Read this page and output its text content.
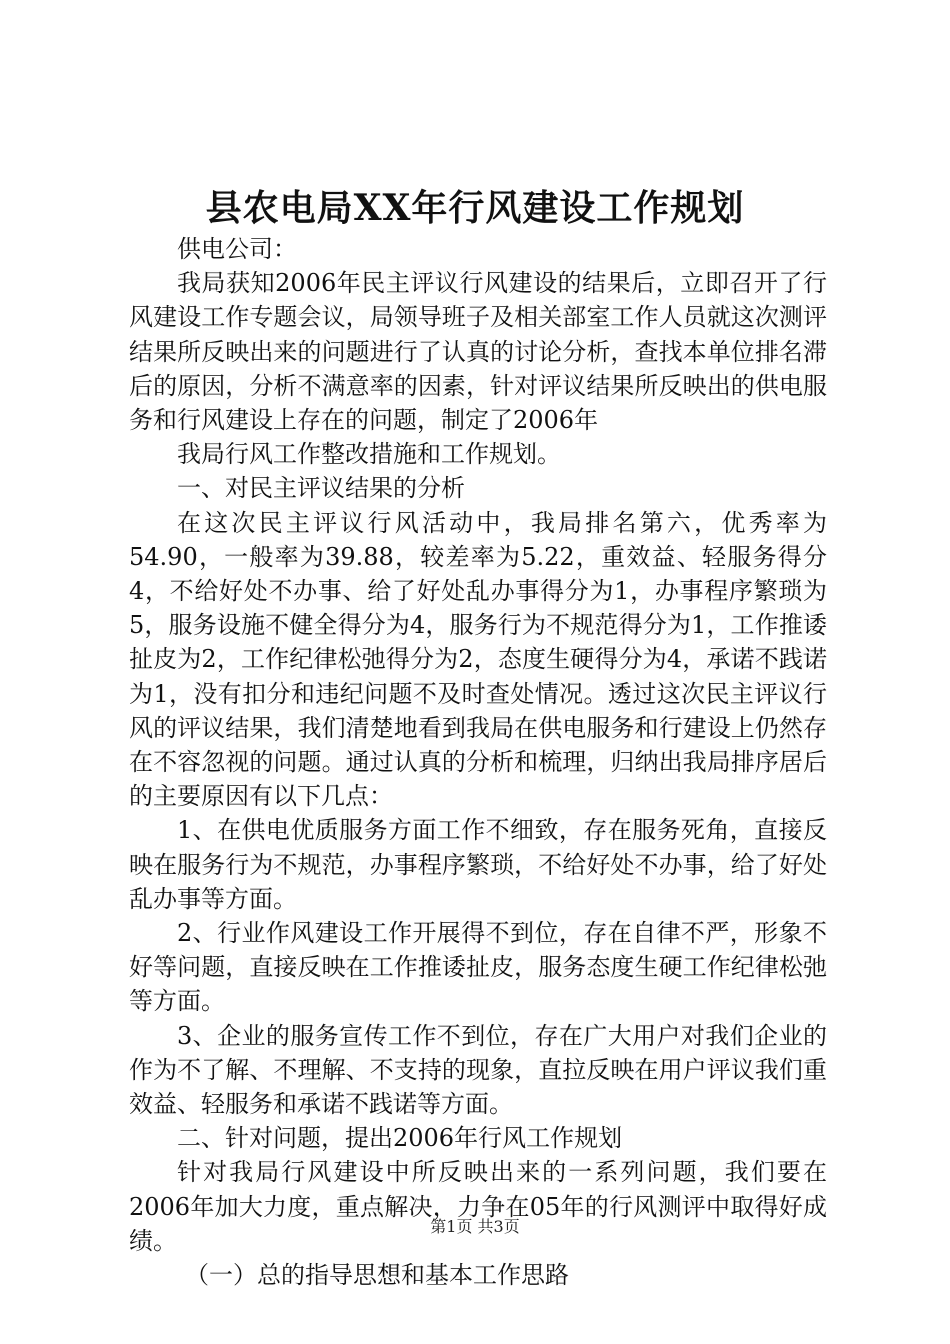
县农电局XX年行风建设工作规划

供电公司：

我局获知2006年民主评议行风建设的结果后，立即召开了行风建设工作专题会议，局领导班子及相关部室工作人员就这次测评结果所反映出来的问题进行了认真的讨论分析，查找本单位排名滞后的原因，分析不满意率的因素，针对评议结果所反映出的供电服务和行风建设上存在的问题，制定了2006年

我局行风工作整改措施和工作规划。

一、对民主评议结果的分析

在这次民主评议行风活动中，我局排名第六，优秀率为54.90，一般率为39.88，较差率为5.22，重效益、轻服务得分4，不给好处不办事、给了好处乱办事得分为1，办事程序繁琐为5，服务设施不健全得分为4，服务行为不规范得分为1，工作推诿扯皮为2，工作纪律松弛得分为2，态度生硬得分为4，承诺不践诺为1，没有扣分和违纪问题不及时查处情况。透过这次民主评议行风的评议结果，我们清楚地看到我局在供电服务和行建设上仍然存在不容忽视的问题。通过认真的分析和梳理，归纳出我局排序居后的主要原因有以下几点：

1、在供电优质服务方面工作不细致，存在服务死角，直接反映在服务行为不规范，办事程序繁琐，不给好处不办事，给了好处乱办事等方面。

2、行业作风建设工作开展得不到位，存在自律不严，形象不好等问题，直接反映在工作推诿扯皮，服务态度生硬工作纪律松弛等方面。

3、企业的服务宣传工作不到位，存在广大用户对我们企业的作为不了解、不理解、不支持的现象，直拉反映在用户评议我们重效益、轻服务和承诺不践诺等方面。

二、针对问题，提出2006年行风工作规划

针对我局行风建设中所反映出来的一系列问题，我们要在2006年加大力度，重点解决，力争在05年的行风测评中取得好成绩。

（一）总的指导思想和基本工作思路

第1页 共3页
